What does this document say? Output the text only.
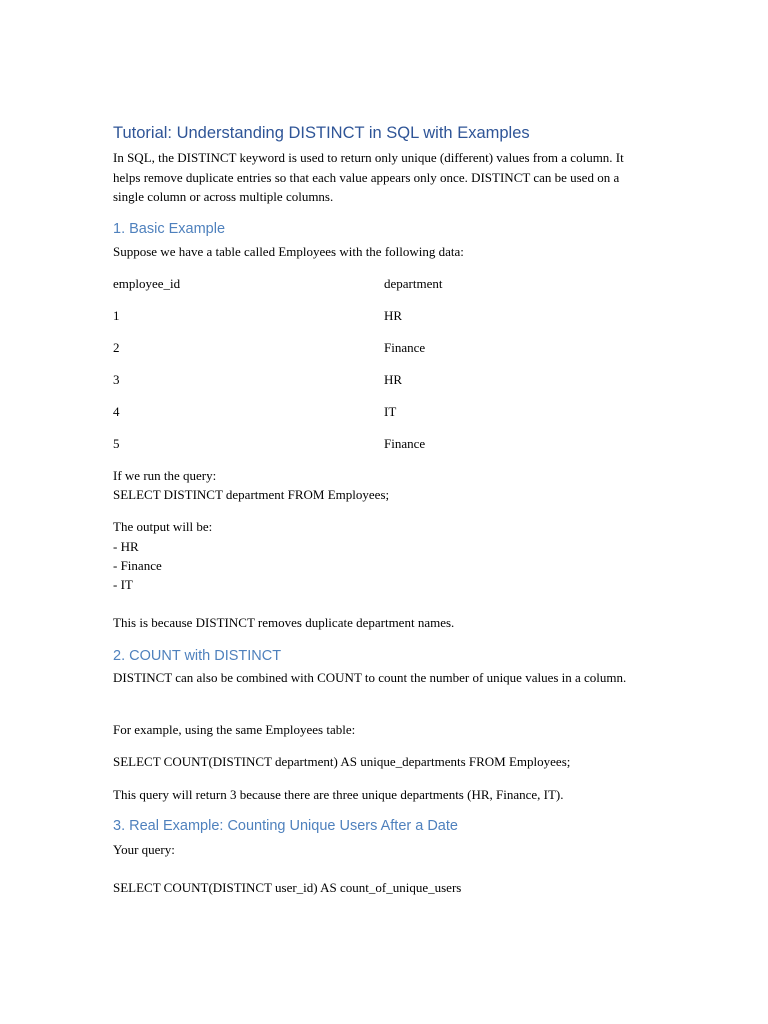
Tutorial: Understanding DISTINCT in SQL with Examples
In SQL, the DISTINCT keyword is used to return only unique (different) values from a column. It helps remove duplicate entries so that each value appears only once. DISTINCT can be used on a single column or across multiple columns.
1. Basic Example
Suppose we have a table called Employees with the following data:
employee_id	department
1	HR
2	Finance
3	HR
4	IT
5	Finance
If we run the query:
SELECT DISTINCT department FROM Employees;
The output will be:
- HR
- Finance
- IT
This is because DISTINCT removes duplicate department names.
2. COUNT with DISTINCT
DISTINCT can also be combined with COUNT to count the number of unique values in a column.
For example, using the same Employees table:
SELECT COUNT(DISTINCT department) AS unique_departments FROM Employees;
This query will return 3 because there are three unique departments (HR, Finance, IT).
3. Real Example: Counting Unique Users After a Date
Your query:
SELECT COUNT(DISTINCT user_id) AS count_of_unique_users
